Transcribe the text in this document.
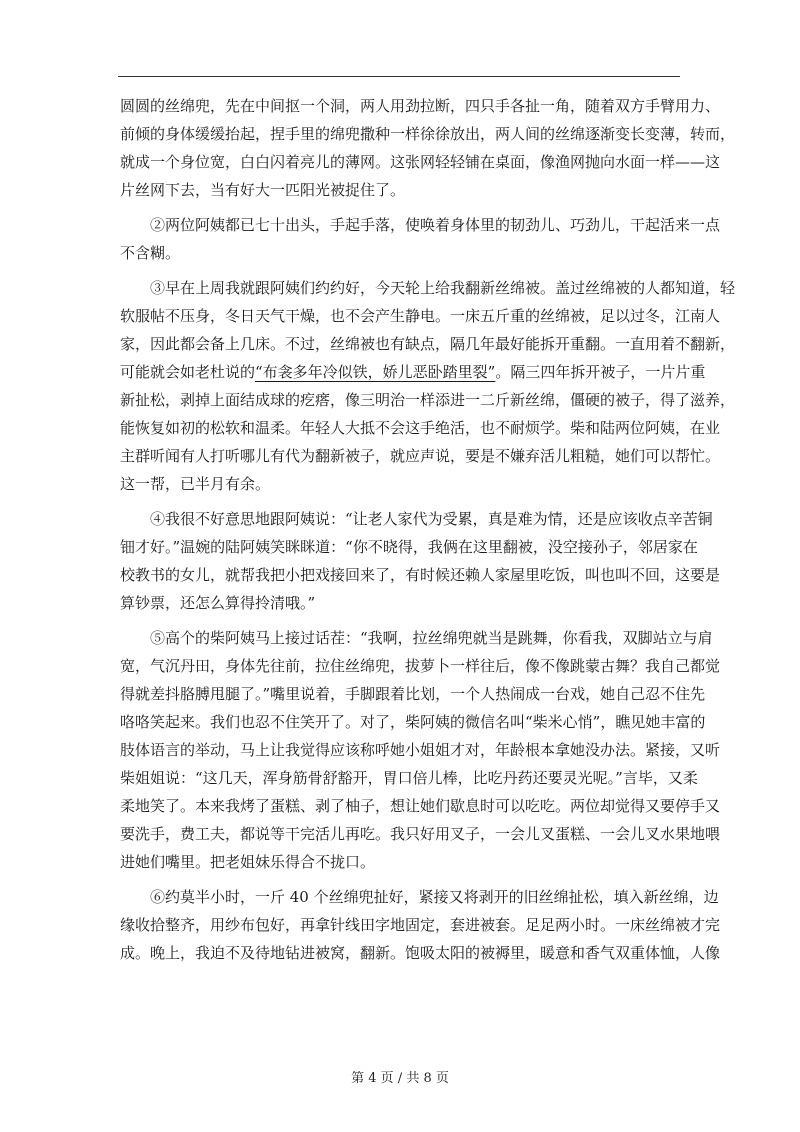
圆圆的丝绵兜，先在中间抠一个洞，两人用劲拉断，四只手各扯一角，随着双方手臂用力、
前倾的身体缓缓抬起，捏手里的绵兜撒种一样徐徐放出，两人间的丝绵逐渐变长变薄，转而，
就成一个身位宽，白白闪着亮儿的薄网。这张网轻轻铺在桌面，像渔网抛向水面一样——这
片丝网下去，当有好大一匹阳光被捉住了。
②两位阿姨都已七十出头，手起手落，使唤着身体里的韧劲儿、巧劲儿，干起活来一点
不含糊。
③早在上周我就跟阿姨们约约好，今天轮上给我翻新丝绵被。盖过丝绵被的人都知道，轻
软服帖不压身，冬日天气干燥，也不会产生静电。一床五斤重的丝绵被，足以过冬，江南人
家，因此都会备上几床。不过，丝绵被也有缺点，隔几年最好能拆开重翻。一直用着不翻新，
可能就会如老杜说的“布衾多年冷似铁，娇儿恶卧踏里裂”。隔三四年拆开被子，一片片重
新扯松，剥掉上面结成球的疙瘩，像三明治一样添进一二斤新丝绵，僵硬的被子，得了滋养，
能恢复如初的松软和温柔。年轻人大抵不会这手绝活，也不耐烦学。柴和陆两位阿姨，在业
主群听闻有人打听哪儿有代为翻新被子，就应声说，要是不嫌弃活儿粗糙，她们可以帮忙。
这一帮，已半月有余。
④我很不好意思地跟阿姨说：“让老人家代为受累，真是难为情，还是应该收点辛苦铜
钿才好。”温婉的陆阿姨笑眯眯道：“你不晓得，我俩在这里翻被，没空接孙子，邻居家在
校教书的女儿，就帮我把小把戏接回来了，有时候还赖人家屋里吃饭，叫也叫不回，这要是
算钞票，还怎么算得拎清哦。”
⑤高个的柴阿姨马上接过话茬：“我啊，拉丝绵兜就当是跳舞，你看我，双脚站立与肩
宽，气沉丹田，身体先往前，拉住丝绵兜，拔萝卜一样往后，像不像跳蒙古舞？我自己都觉
得就差抖胳膊甩腿了。”嘴里说着，手脚跟着比划，一个人热闹成一台戏，她自己忍不住先
咯咯笑起来。我们也忍不住笑开了。对了，柴阿姨的微信名叫“柴米心悄”，瞧见她丰富的
肢体语言的举动，马上让我觉得应该称呼她小姐姐才对，年龄根本拿她没办法。紧接，又听
柴姐姐说：“这几天，浑身筋骨舒豁开，胃口倍儿棒，比吃丹药还要灵光呢。”言毕，又柔
柔地笑了。本来我烤了蛋糕、剥了柚子，想让她们歇息时可以吃吃。两位却觉得又要停手又
要洗手，费工夫，都说等干完活儿再吃。我只好用叉子，一会儿叉蛋糕、一会儿叉水果地喂
进她们嘴里。把老姐妹乐得合不拢口。
⑥约莫半小时，一斤 40 个丝绵兜扯好，紧接又将剥开的旧丝绵扯松，填入新丝绵，边
缘收拾整齐，用纱布包好，再拿针线田字地固定，套进被套。足足两小时。一床丝绵被才完
成。晚上，我迫不及待地钻进被窝，翻新。饱吸太阳的被褥里，暖意和香气双重体恤，人像
第 4 页 / 共 8 页
